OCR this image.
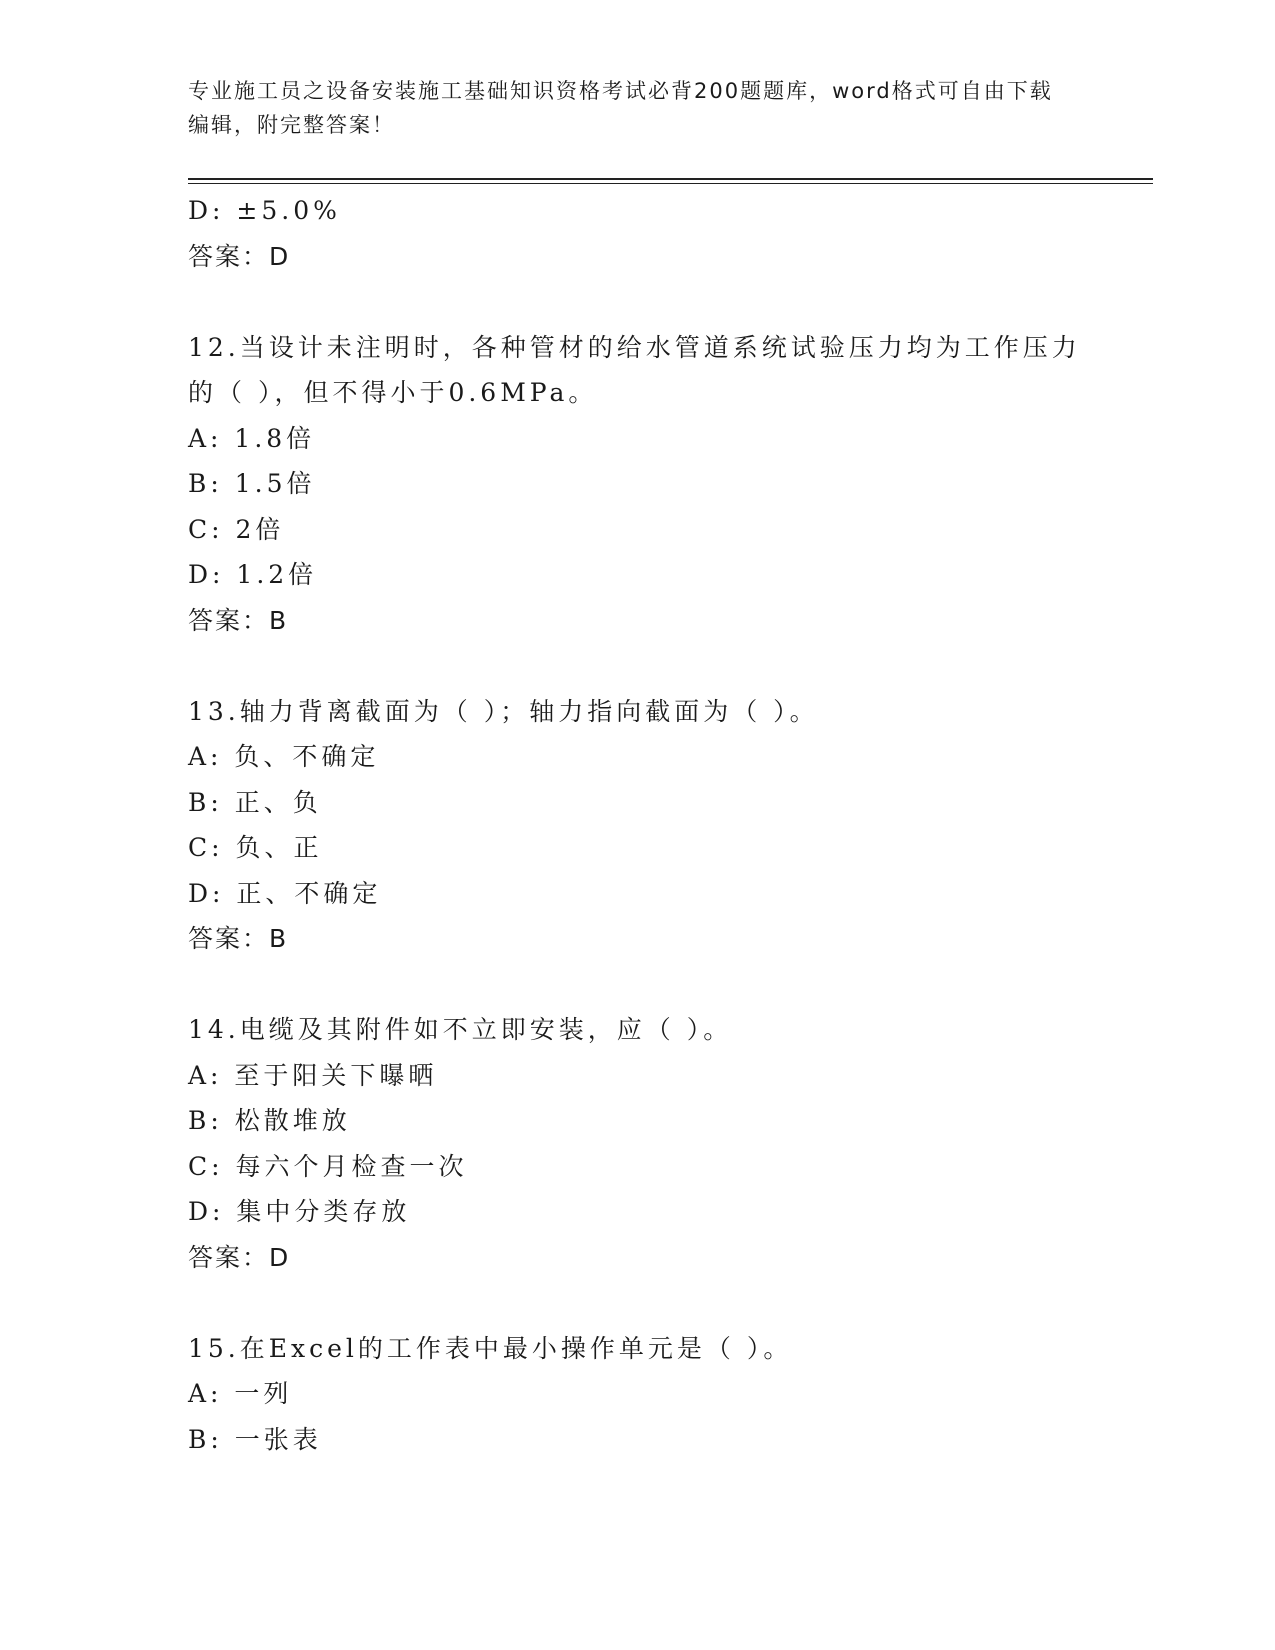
专业施工员之设备安装施工基础知识资格考试必背200题题库，word格式可自由下载编辑，附完整答案！
D: ±5.0%
答案：D
12.当设计未注明时，各种管材的给水管道系统试验压力均为工作压力的（ ），但不得小于0.6MPa。
A: 1.8倍
B: 1.5倍
C: 2倍
D: 1.2倍
答案：B
13.轴力背离截面为（ ）；轴力指向截面为（ ）。
A: 负、不确定
B: 正、负
C: 负、正
D: 正、不确定
答案：B
14.电缆及其附件如不立即安装，应（ ）。
A: 至于阳关下曝晒
B: 松散堆放
C: 每六个月检查一次
D: 集中分类存放
答案：D
15.在Excel的工作表中最小操作单元是（ ）。
A: 一列
B: 一张表
